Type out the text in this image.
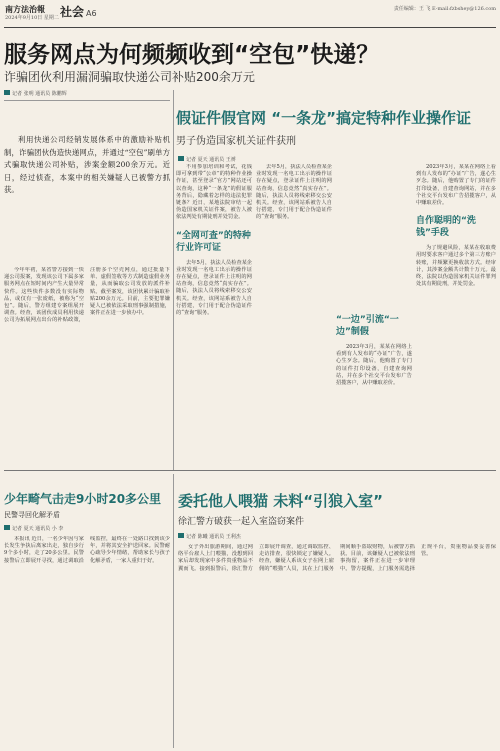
南方法治報
2024年9月10日 星期二 社会 A6	责任编辑：王 飞 E-mail:fzbshey@126.com
服务网点为何频频收到“空包”快递？
诈骗团伙利用漏洞骗取快递公司补贴200余万元
记者 张明 通讯员 陈鹏辉

利用快递公司经销发展体系中的激励补贴机制，诈骗团伙伪造快递网点，并通过“空包”刷单方式骗取快递公司补贴，涉案金额200余万元。近日，经过侦查，本案中的相关嫌疑人已被警方抓获。

今年年初，某省警方接到一快递公司报案，发现该公司下属多家服务网点在短时间内产生大量异常快件。这些快件多数没有实际物品，或仅有一张废纸，被称为“空包”。随后，警方组建专案组展开调查。经查，该团伙成员利用快递公司为拓展网点出台的补贴政策，注册多个空壳网点，通过批量下单、虚假签收等方式制造虚假业务量，从而骗取公司发放的派件补贴。截至案发，该团伙累计骗取补贴200余万元。目前，主要犯罪嫌疑人已被依法采取刑事强制措施，案件正在进一步侦办中。

假证件假官网 “一条龙”搞定特种作业操作证
男子伪造国家机关证件获刑
记者 夏天 通讯员 王赟

不用参加培训和考试，花钱即可拿到带“公章”的特种作业操作证，甚至登录“官方”网站还可以查询，这种“一条龙”的假证服务背后，隐藏着怎样的违法犯罪链条？近日，某地法院审结一起伪造国家机关证件案，被告人被依法判处有期徒刑并处罚金。

“全网可查”的特种行业许可证

去年5月，执法人员检查某企业时发现一名电工出示的操作证存在疑点，登录证件上注明的网站查询，信息竟然“真实存在”。随后，执法人员将线索移交公安机关。经查，该网站系被告人自行搭建，专门用于配合伪造证件的“查询”服务。

去年5月，执法人员检查某企业时发现一名电工出示的操作证存在疑点，登录证件上注明的网站查询，信息竟然“真实存在”。随后，执法人员将线索移交公安机关。经查，该网站系被告人自行搭建，专门用于配合伪造证件的“查询”服务。

“一边”引流“一边”制假

2023年3月，某某在网络上看到有人发布的“办证”广告，遂心生歹念。随后，他购置了专门的证件打印设备，自建查询网站，并在多个社交平台发布广告招揽客户，从中赚取差价。

2023年3月，某某在网络上看到有人发布的“办证”广告，遂心生歹念。随后，他购置了专门的证件打印设备，自建查询网站，并在多个社交平台发布广告招揽客户，从中赚取差价。

自作聪明的“洗钱”手段

为了规避风险，某某在收取费用时要求客户通过多个第三方账户转账，并频繁更换收款方式。经审计，其涉案金额共计数十万元。最终，法院以伪造国家机关证件罪判处其有期徒刑，并处罚金。

少年畸气击走9小时20多公里
民警寻回化解矛盾
记者 夏天 通讯员 小 李

本报讯 近日，一名少年因与家长发生争执后离家出走，独自步行9个多小时，走了20多公里。民警接警后立即展开寻找，通过调取沿线监控，最终在一处路口找到该少年，并将其安全护送回家。民警耐心疏导少年情绪，帮助家长与孩子化解矛盾，一家人重归于好。

委托他人喂猫 未料“引狼入室”
徐汇警方破获一起入室盗窃案件
记者 陈曦 通讯员 王利杰

女子外出旅游期间，通过网络平台雇人上门喂猫，没想到回家后却发现家中多件贵重物品不翼而飞。接到报警后，徐汇警方立即展开调查，通过调取监控、走访排查，很快锁定了嫌疑人。经查，嫌疑人系该女子在网上雇佣的“喂猫”人员，其在上门服务期间顺手盗取财物，后被警方抓获。目前，该嫌疑人已被依法刑事拘留，案件正在进一步审理中。警方提醒，上门服务需选择正规平台，贵重物品要妥善保管。
